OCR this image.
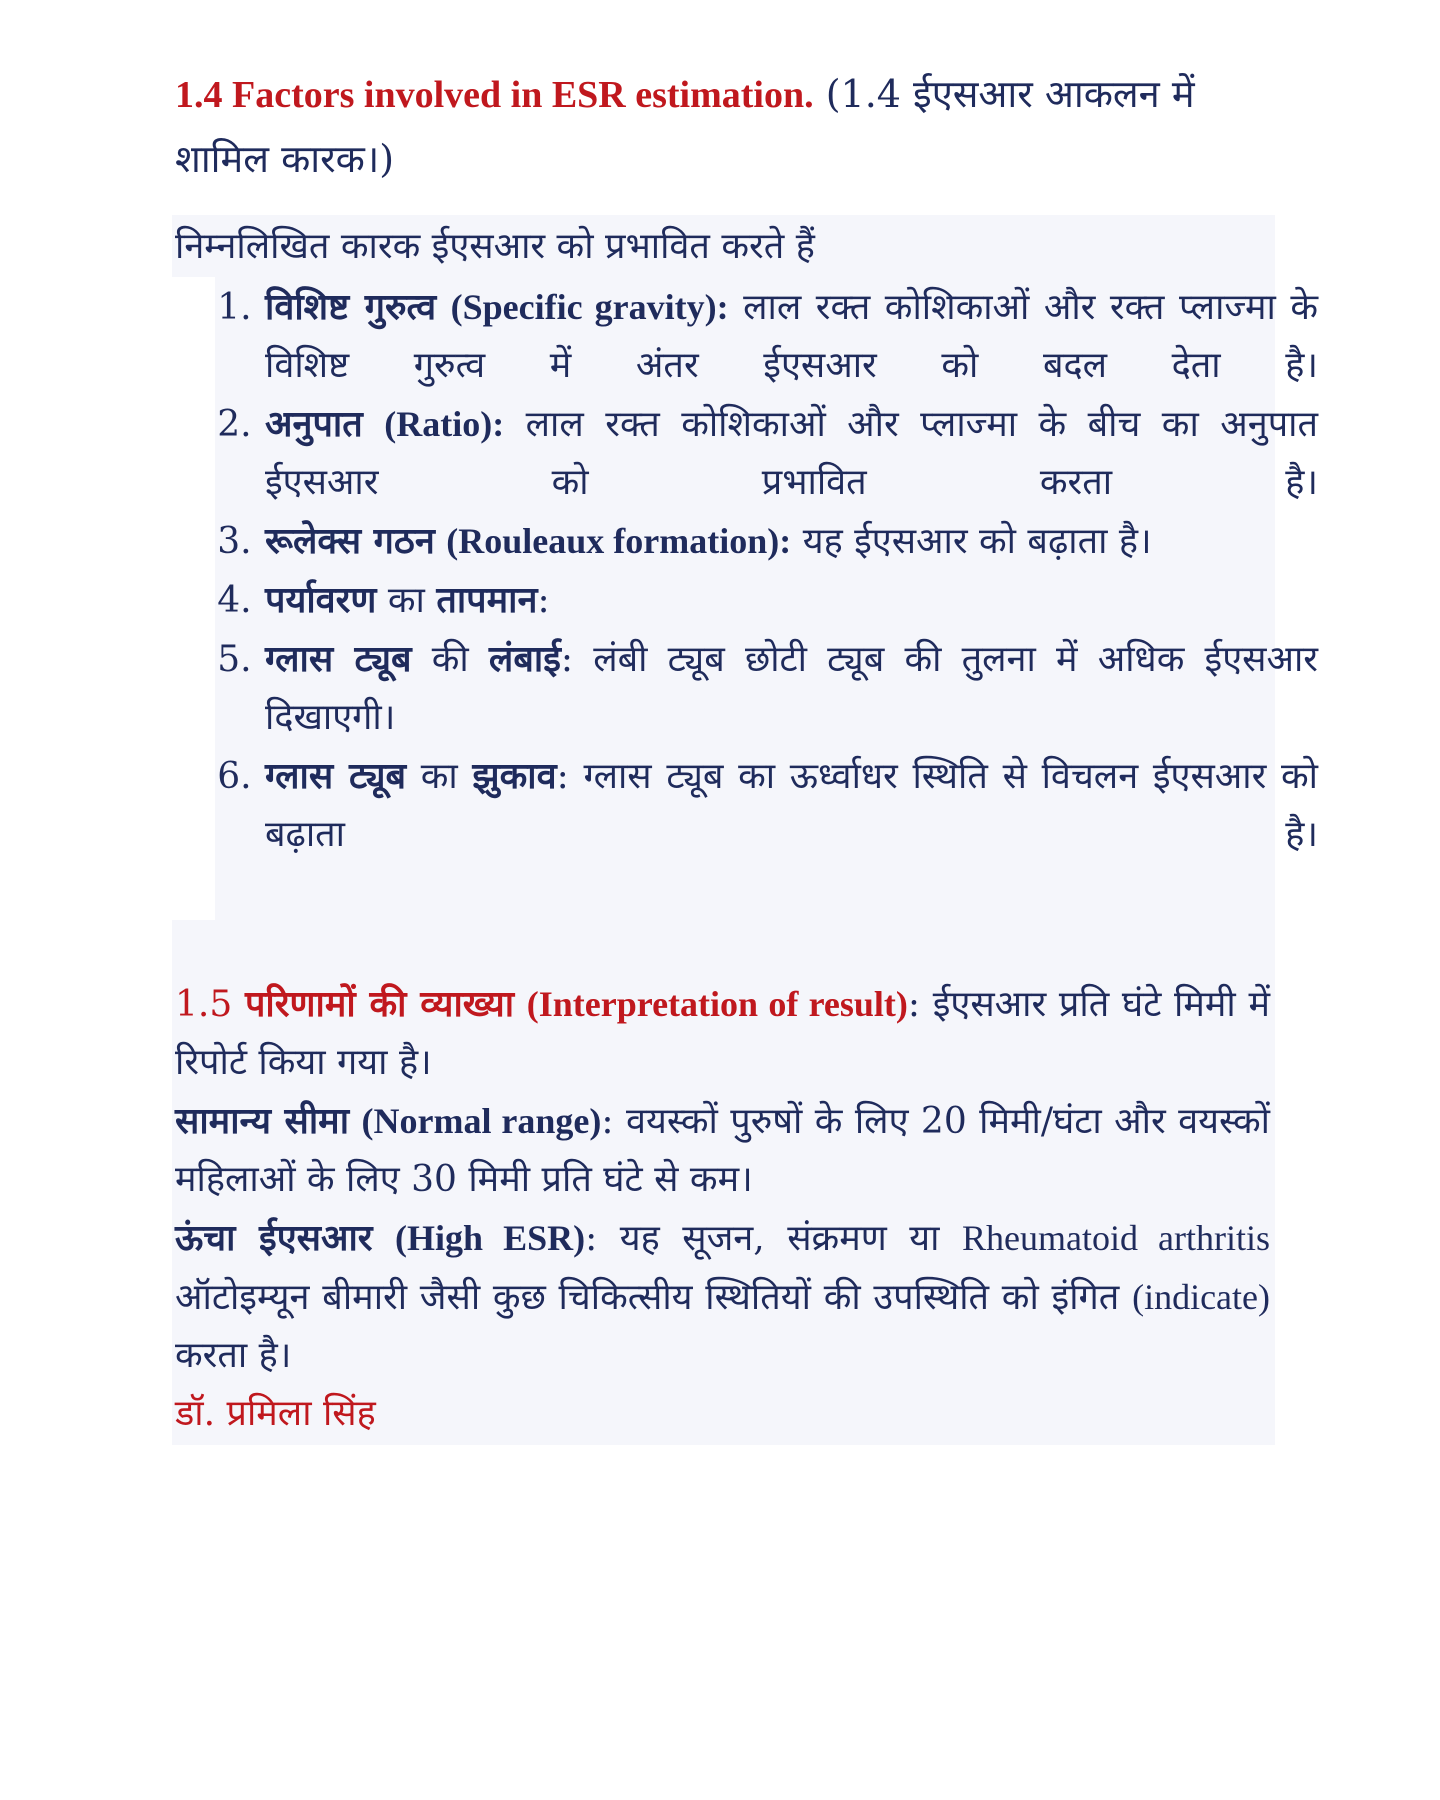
1.4 Factors involved in ESR estimation. (1.4 ईएसआर आकलन में शामिल कारक।)
निम्नलिखित कारक ईएसआर को प्रभावित करते हैं
1. विशिष्ट गुरुत्व (Specific gravity): लाल रक्त कोशिकाओं और रक्त प्लाज्मा के विशिष्ट गुरुत्व में अंतर ईएसआर को बदल देता है।
2. अनुपात (Ratio): लाल रक्त कोशिकाओं और प्लाज्मा के बीच का अनुपात ईएसआर को प्रभावित करता है।
3. रूलेक्स गठन (Rouleaux formation): यह ईएसआर को बढ़ाता है।
4. पर्यावरण का तापमान:
5. ग्लास ट्यूब की लंबाई: लंबी ट्यूब छोटी ट्यूब की तुलना में अधिक ईएसआर दिखाएगी।
6. ग्लास ट्यूब का झुकाव: ग्लास ट्यूब का ऊर्ध्वाधर स्थिति से विचलन ईएसआर को बढ़ाता है।

1.5 परिणामों की व्याख्या (Interpretation of result): ईएसआर प्रति घंटे मिमी में रिपोर्ट किया गया है।

सामान्य सीमा (Normal range): वयस्कों पुरुषों के लिए 20 मिमी/घंटा और वयस्कों महिलाओं के लिए 30 मिमी प्रति घंटे से कम।

ऊंचा ईएसआर (High ESR): यह सूजन, संक्रमण या Rheumatoid arthritis ऑटोइम्यून बीमारी जैसी कुछ चिकित्सीय स्थितियों की उपस्थिति को इंगित (indicate) करता है।

डॉ. प्रमिला सिंह
